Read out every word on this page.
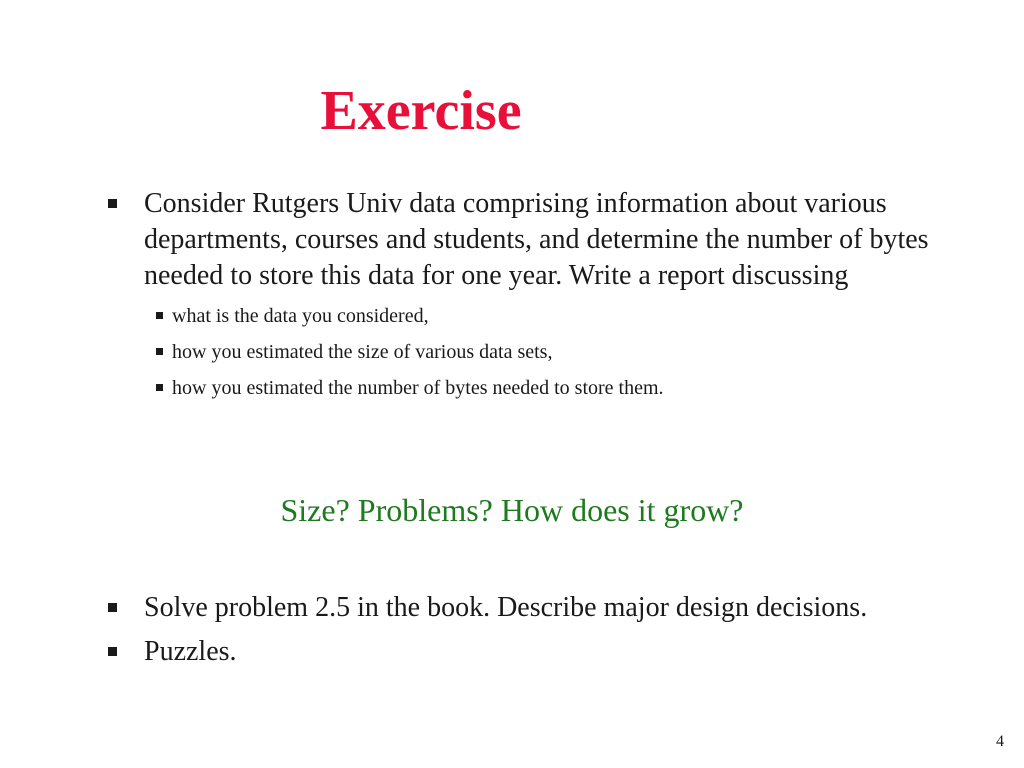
Exercise
Consider Rutgers Univ data comprising information about various departments, courses and students, and determine the number of bytes needed to store this data for one year. Write a report discussing
what is the data you considered,
how you estimated the size of various data sets,
how you estimated the number of bytes needed to store them.
Size? Problems? How does it grow?
Solve problem 2.5 in the book. Describe major design decisions.
Puzzles.
4
